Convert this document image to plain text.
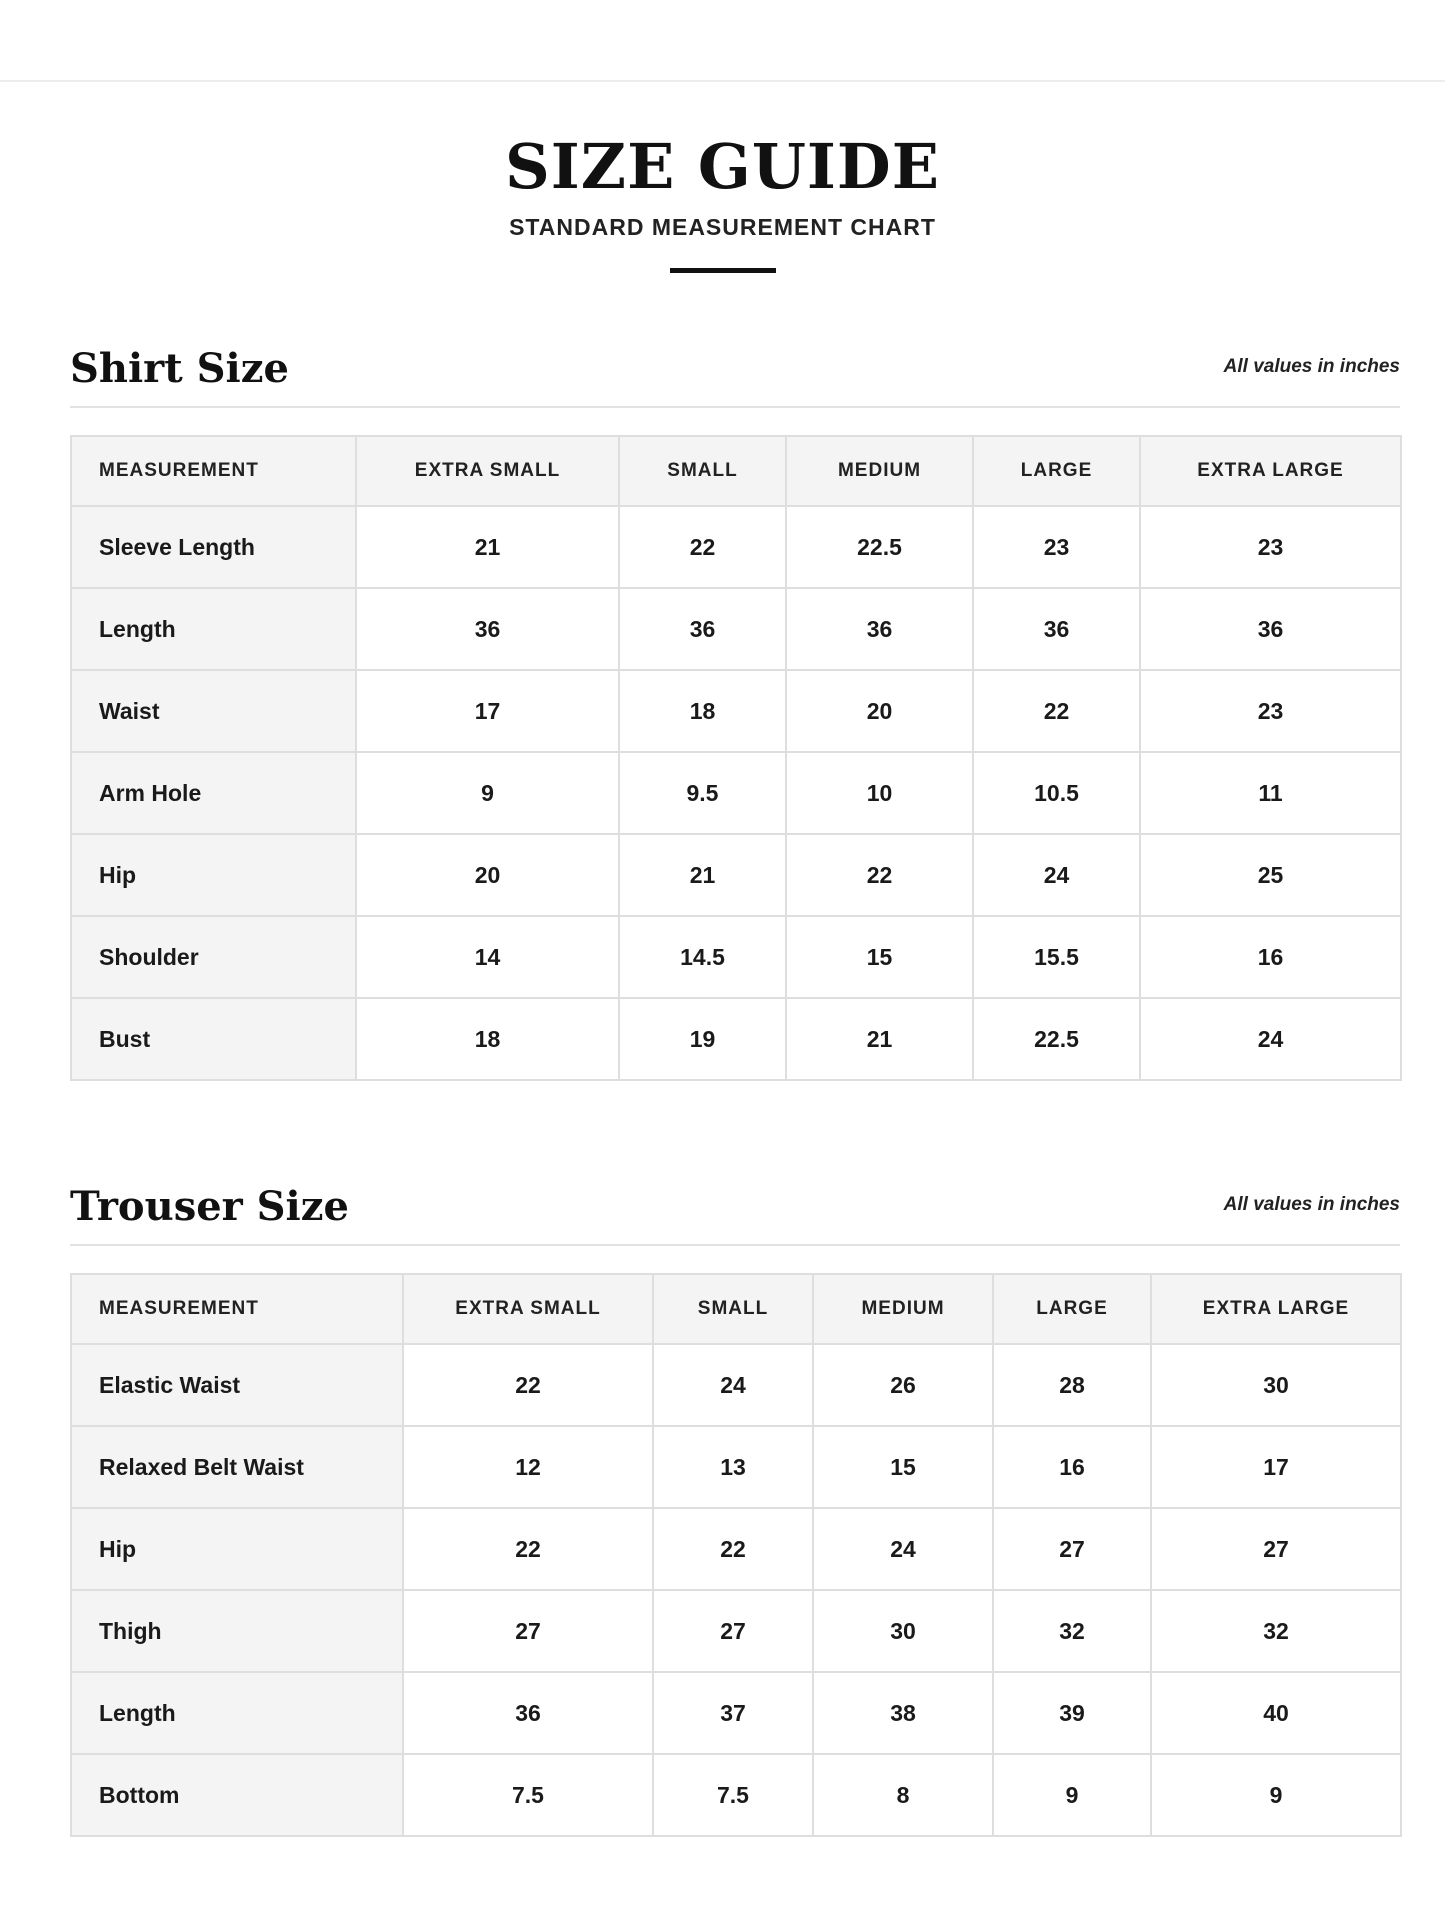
SIZE GUIDE
STANDARD MEASUREMENT CHART
Shirt Size	All values in inches
MEASUREMENT	EXTRA SMALL	SMALL	MEDIUM	LARGE	EXTRA LARGE
Sleeve Length	21	22	22.5	23	23
Length	36	36	36	36	36
Waist	17	18	20	22	23
Arm Hole	9	9.5	10	10.5	11
Hip	20	21	22	24	25
Shoulder	14	14.5	15	15.5	16
Bust	18	19	21	22.5	24
Trouser Size	All values in inches
MEASUREMENT	EXTRA SMALL	SMALL	MEDIUM	LARGE	EXTRA LARGE
Elastic Waist	22	24	26	28	30
Relaxed Belt Waist	12	13	15	16	17
Hip	22	22	24	27	27
Thigh	27	27	30	32	32
Length	36	37	38	39	40
Bottom	7.5	7.5	8	9	9
